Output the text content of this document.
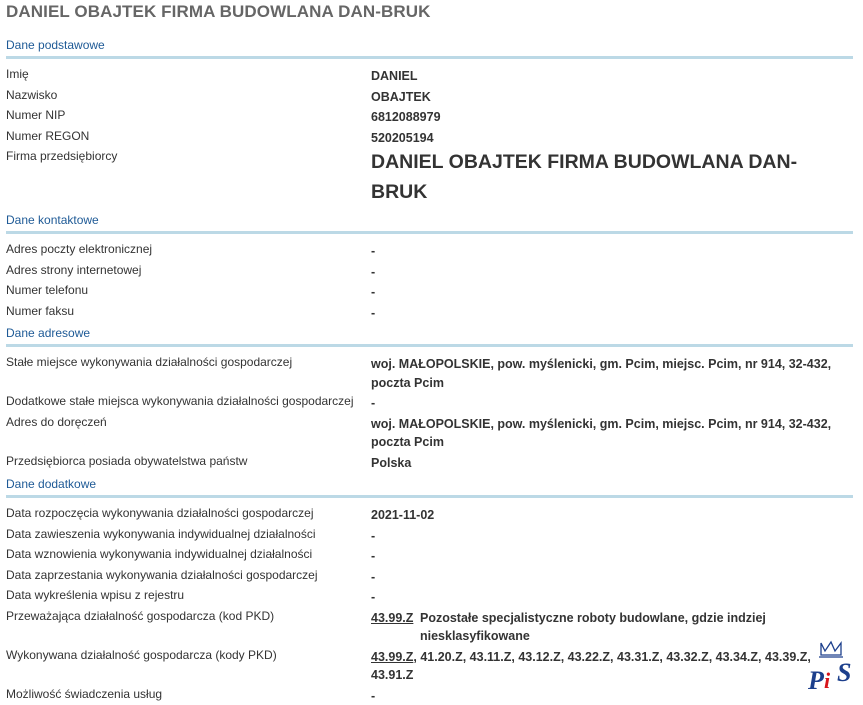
DANIEL OBAJTEK FIRMA BUDOWLANA DAN-BRUK
Dane podstawowe
Imię	DANIEL
Nazwisko	OBAJTEK
Numer NIP	6812088979
Numer REGON	520205194
Firma przedsiębiorcy	DANIEL OBAJTEK FIRMA BUDOWLANA DAN-BRUK
Dane kontaktowe
Adres poczty elektronicznej	-
Adres strony internetowej	-
Numer telefonu	-
Numer faksu	-
Dane adresowe
Stałe miejsce wykonywania działalności gospodarczej	woj. MAŁOPOLSKIE, pow. myślenicki, gm. Pcim, miejsc. Pcim, nr 914, 32-432, poczta Pcim
Dodatkowe stałe miejsca wykonywania działalności gospodarczej	-
Adres do doręczeń	woj. MAŁOPOLSKIE, pow. myślenicki, gm. Pcim, miejsc. Pcim, nr 914, 32-432, poczta Pcim
Przedsiębiorca posiada obywatelstwa państw	Polska
Dane dodatkowe
Data rozpoczęcia wykonywania działalności gospodarczej	2021-11-02
Data zawieszenia wykonywania indywidualnej działalności	-
Data wznowienia wykonywania indywidualnej działalności	-
Data zaprzestania wykonywania działalności gospodarczej	-
Data wykreślenia wpisu z rejestru	-
Przeważająca działalność gospodarcza (kod PKD)	43.99.Z Pozostałe specjalistyczne roboty budowlane, gdzie indziej niesklasyfikowane
Wykonywana działalność gospodarcza (kody PKD)	43.99.Z, 41.20.Z, 43.11.Z, 43.12.Z, 43.22.Z, 43.31.Z, 43.32.Z, 43.34.Z, 43.39.Z, 43.91.Z
Możliwość świadczenia usług	-
P i S
